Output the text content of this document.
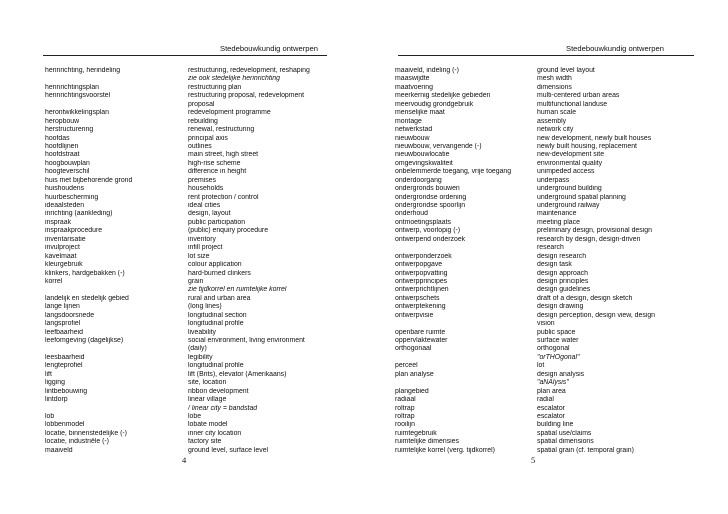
Stedebouwkundig ontwerpen
herinrichting, herindeling	restructuring, redevelopment, reshaping
zie ook stedelijke herinrichting
herinrichtingsplan	restructuring plan
herinrichtingsvoorstel	restructuring proposal, redevelopment
proposal
herontwikkelingsplan	redevelopment programme
heropbouw	rebuilding
herstructurering	renewal, restructuring
hoofdas	principal axis
hoofdlijnen	outlines
hoofdstraat	main street, high street
hoogbouwplan	high-rise scheme
hoogteverschil	difference in height
huis met bijbehorende grond	premises
huishoudens	households
huurbescherming	rent protection / control
ideaalsteden	ideal cities
inrichting (aankleding)	design, layout
inspraak	public participation
inspraakprocedure	(public) enquiry procedure
inventarisatie	inventory
invulproject	infill project
kavelmaat	lot size
kleurgebruik	colour application
klinkers, hardgebakken (-)	hard-burned clinkers
korrel	grain
zie tijdkorrel en ruimtelijke korrel
landelijk en stedelijk gebied	rural and urban area
lange lijnen	(long lines)
langsdoorsnede	longitudinal section
langsprofiel	longitudinal profile
leefbaarheid	liveability
leefomgeving (dagelijkse)	social environment, living environment
(daily)
leesbaarheid	legibility
lengteprofiel	longitudinal profile
lift	lift (Brits), elevator (Amerikaans)
ligging	site, location
lintbebouwing	ribbon development
lintdorp	linear village
/ linear city = bandstad
lob	lobe
lobbenmodel	lobate model
locatie, binnenstedelijke (-)	inner city location
locatie, industriële (-)	factory site
maaiveld	ground level, surface level
4
Stedebouwkundig ontwerpen
maaiveld, indeling (-)	ground level layout
maaswijdte	mesh width
maatvoering	dimensions
meerkernig stedelijke gebieden	multi-centered urban areas
meervoudig grondgebruik	multifunctional landuse
menselijke maat	human scale
montage	assembly
netwerkstad	network city
nieuwbouw	new development, newly built houses
nieuwbouw, vervangende (-)	newly built housing, replacement
nieuwbouwlocatie	new-development site
omgevingskwaliteit	environmental quality
onbelemmerde toegang, vrije toegang	unimpeded access
onderdoorgang	underpass
ondergronds bouwen	underground building
ondergrondse ordening	underground spatial planning
ondergrondse spoorlijn	underground railway
onderhoud	maintenance
ontmoetingsplaats	meeting place
ontwerp, voorlopig (-)	preliminary design, provisional design
ontwerpend onderzoek	research by design, design-driven
research
ontwerponderzoek	design research
ontwerpopgave	design task
ontwerpopvatting	design approach
ontwerpprincipes	design principles
ontwerprichtlijnen	design guidelines
ontwerpschets	draft of a design, design sketch
ontwerptekening	design drawing
ontwerpvisie	design perception, design view, design
vision
openbare ruimte	public space
oppervlaktewater	surface water
orthogonaal	orthogonal
"orTHOgonal"
perceel	lot
plan analyse	design analysis
"aNAlysis"
plangebied	plan area
radiaal	radial
roltrap	escalator
roltrap	escalator
rooilijn	building line
ruimtegebruik	spatial use/claims
ruimtelijke dimensies	spatial dimensions
ruimtelijke korrel (verg. tijdkorrel)	spatial grain (cf. temporal grain)
5
